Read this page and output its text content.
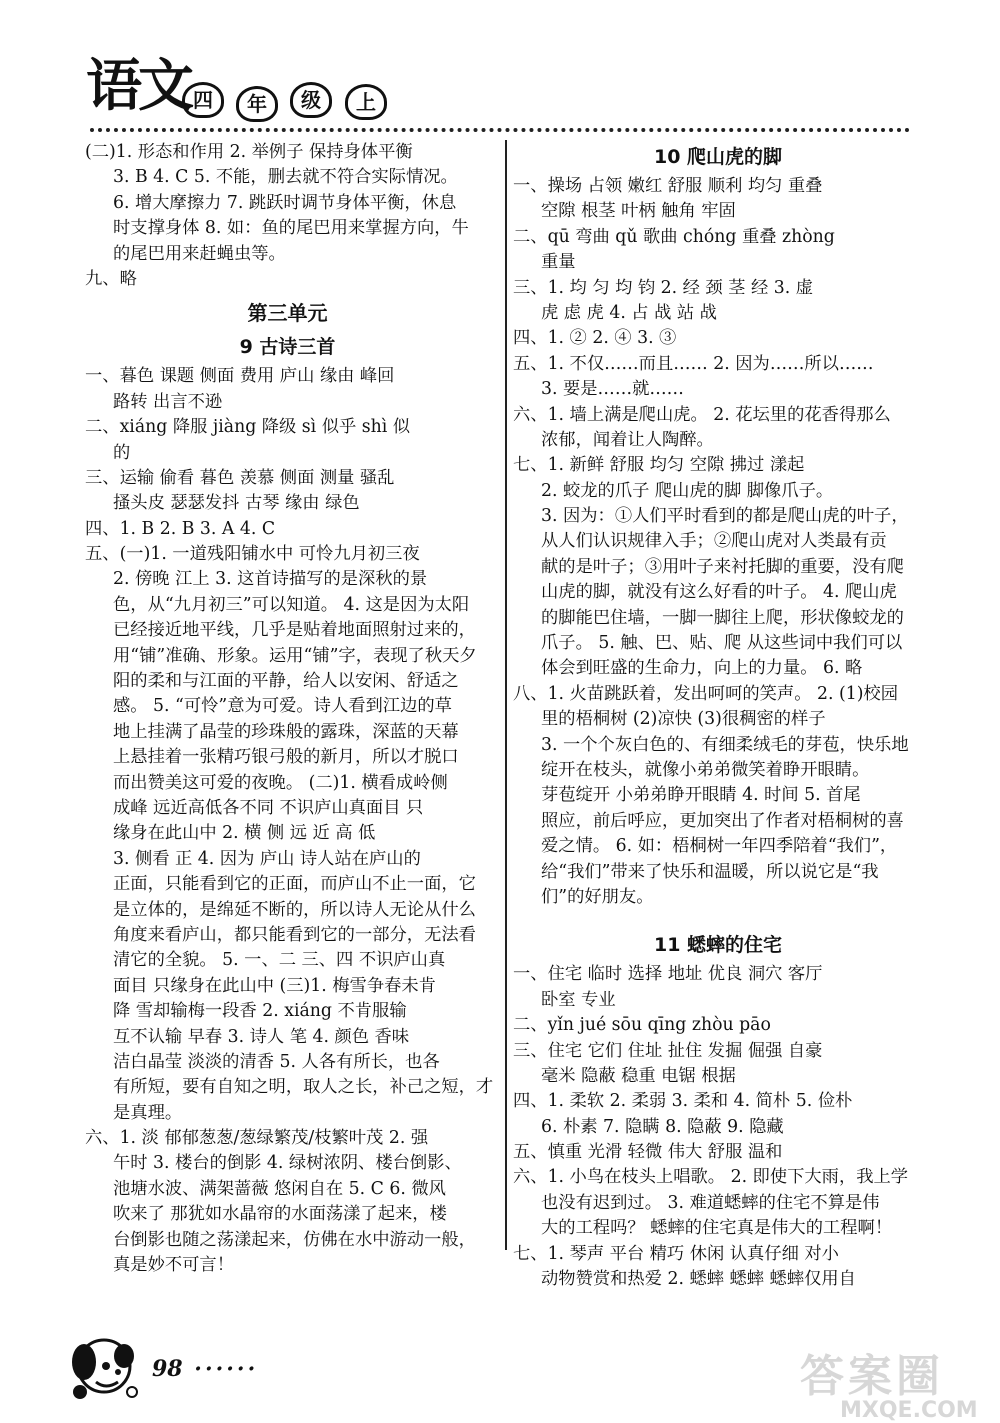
语文 四	年	级	上
(二)1. 形态和作用 2. 举例子 保持身体平衡
3. B 4. C 5. 不能，删去就不符合实际情况。
6. 增大摩擦力 7. 跳跃时调节身体平衡，休息
时支撑身体 8. 如：鱼的尾巴用来掌握方向，牛
的尾巴用来赶蝇虫等。
九、略
第三单元
9 古诗三首
一、暮色 课题 侧面 费用 庐山 缘由 峰回
路转 出言不逊
二、xiáng 降服 jiàng 降级 sì 似乎 shì 似
的
三、运输 偷看 暮色 羡慕 侧面 测量 骚乱
搔头皮 瑟瑟发抖 古琴 缘由 绿色
四、1. B 2. B 3. A 4. C
五、(一)1. 一道残阳铺水中 可怜九月初三夜
2. 傍晚 江上 3. 这首诗描写的是深秋的景
色，从“九月初三”可以知道。 4. 这是因为太阳
已经接近地平线，几乎是贴着地面照射过来的，
用“铺”准确、形象。运用“铺”字，表现了秋天夕
阳的柔和与江面的平静，给人以安闲、舒适之
感。 5. “可怜”意为可爱。诗人看到江边的草
地上挂满了晶莹的珍珠般的露珠，深蓝的天幕
上悬挂着一张精巧银弓般的新月，所以才脱口
而出赞美这可爱的夜晚。 (二)1. 横看成岭侧
成峰 远近高低各不同 不识庐山真面目 只
缘身在此山中 2. 横 侧 远 近 高 低
3. 侧看 正 4. 因为 庐山 诗人站在庐山的
正面，只能看到它的正面，而庐山不止一面，它
是立体的，是绵延不断的，所以诗人无论从什么
角度来看庐山，都只能看到它的一部分，无法看
清它的全貌。 5. 一、二 三、四 不识庐山真
面目 只缘身在此山中 (三)1. 梅雪争春未肯
降 雪却输梅一段香 2. xiáng 不肯服输
互不认输 早春 3. 诗人 笔 4. 颜色 香味
洁白晶莹 淡淡的清香 5. 人各有所长，也各
有所短，要有自知之明，取人之长，补己之短，才
是真理。
六、1. 淡 郁郁葱葱/葱绿繁茂/枝繁叶茂 2. 强
午时 3. 楼台的倒影 4. 绿树浓阴、楼台倒影、
池塘水波、满架蔷薇 悠闲自在 5. C 6. 微风
吹来了 那犹如水晶帘的水面荡漾了起来，楼
台倒影也随之荡漾起来，仿佛在水中游动一般，
真是妙不可言！
10 爬山虎的脚
一、操场 占领 嫩红 舒服 顺利 均匀 重叠
空隙 根茎 叶柄 触角 牢固
二、qū 弯曲 qǔ 歌曲 chóng 重叠 zhòng
重量
三、1. 均 匀 均 钧 2. 经 颈 茎 经 3. 虚
虎 虑 虎 4. 占 战 站 战
四、1. ② 2. ④ 3. ③
五、1. 不仅……而且…… 2. 因为……所以……
3. 要是……就……
六、1. 墙上满是爬山虎。 2. 花坛里的花香得那么
浓郁，闻着让人陶醉。
七、1. 新鲜 舒服 均匀 空隙 拂过 漾起
2. 蛟龙的爪子 爬山虎的脚 脚像爪子。
3. 因为：①人们平时看到的都是爬山虎的叶子，
从人们认识规律入手；②爬山虎对人类最有贡
献的是叶子；③用叶子来衬托脚的重要，没有爬
山虎的脚，就没有这么好看的叶子。 4. 爬山虎
的脚能巴住墙，一脚一脚往上爬，形状像蛟龙的
爪子。 5. 触、巴、贴、爬 从这些词中我们可以
体会到旺盛的生命力，向上的力量。 6. 略
八、1. 火苗跳跃着，发出呵呵的笑声。 2. (1)校园
里的梧桐树 (2)凉快 (3)很稠密的样子
3. 一个个灰白色的、有细柔绒毛的芽苞，快乐地
绽开在枝头，就像小弟弟微笑着睁开眼睛。
芽苞绽开 小弟弟睁开眼睛 4. 时间 5. 首尾
照应，前后呼应，更加突出了作者对梧桐树的喜
爱之情。 6. 如：梧桐树一年四季陪着“我们”，
给“我们”带来了快乐和温暖，所以说它是“我
们”的好朋友。
11 蟋蟀的住宅
一、住宅 临时 选择 地址 优良 洞穴 客厅
卧室 专业
二、yǐn jué sōu qīng zhòu pāo
三、住宅 它们 住址 扯住 发掘 倔强 自豪
毫米 隐蔽 稳重 电锯 根据
四、1. 柔软 2. 柔弱 3. 柔和 4. 简朴 5. 俭朴
6. 朴素 7. 隐瞒 8. 隐蔽 9. 隐藏
五、慎重 光滑 轻微 伟大 舒服 温和
六、1. 小鸟在枝头上唱歌。 2. 即使下大雨，我上学
也没有迟到过。 3. 难道蟋蟀的住宅不算是伟
大的工程吗？ 蟋蟀的住宅真是伟大的工程啊！
七、1. 琴声 平台 精巧 休闲 认真仔细 对小
动物赞赏和热爱 2. 蟋蟀 蟋蟀 蟋蟀仅用自
98 ······	答案圈
MXQE.COM
